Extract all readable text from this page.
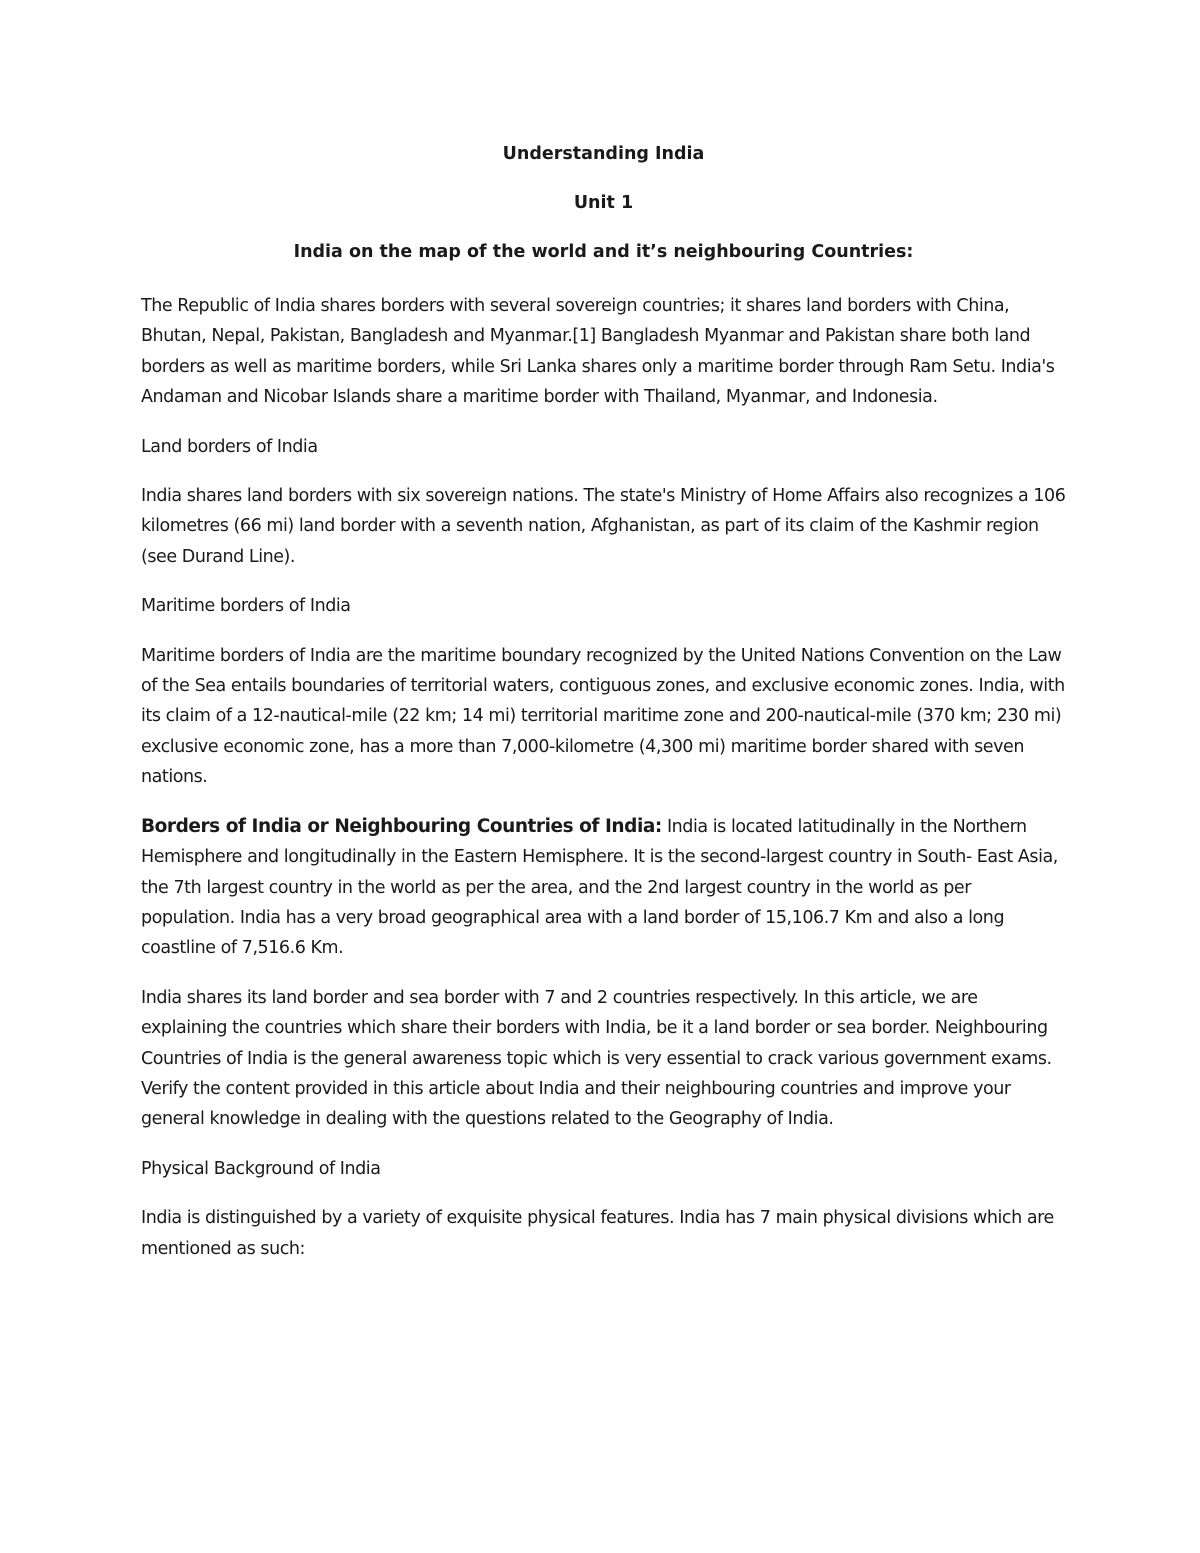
Understanding India
Unit 1
India on the map of the world and it’s neighbouring Countries:

The Republic of India shares borders with several sovereign countries; it shares land borders with China, Bhutan, Nepal, Pakistan, Bangladesh and Myanmar.[1] Bangladesh Myanmar and Pakistan share both land borders as well as maritime borders, while Sri Lanka shares only a maritime border through Ram Setu. India's Andaman and Nicobar Islands share a maritime border with Thailand, Myanmar, and Indonesia.

Land borders of India

India shares land borders with six sovereign nations. The state's Ministry of Home Affairs also recognizes a 106 kilometres (66 mi) land border with a seventh nation, Afghanistan, as part of its claim of the Kashmir region (see Durand Line).

Maritime borders of India

Maritime borders of India are the maritime boundary recognized by the United Nations Convention on the Law of the Sea entails boundaries of territorial waters, contiguous zones, and exclusive economic zones. India, with its claim of a 12-nautical-mile (22 km; 14 mi) territorial maritime zone and 200-nautical-mile (370 km; 230 mi) exclusive economic zone, has a more than 7,000-kilometre (4,300 mi) maritime border shared with seven nations.

Borders of India or Neighbouring Countries of India: India is located latitudinally in the Northern Hemisphere and longitudinally in the Eastern Hemisphere. It is the second-largest country in South- East Asia, the 7th largest country in the world as per the area, and the 2nd largest country in the world as per population. India has a very broad geographical area with a land border of 15,106.7 Km and also a long coastline of 7,516.6 Km.

India shares its land border and sea border with 7 and 2 countries respectively. In this article, we are explaining the countries which share their borders with India, be it a land border or sea border. Neighbouring Countries of India is the general awareness topic which is very essential to crack various government exams. Verify the content provided in this article about India and their neighbouring countries and improve your general knowledge in dealing with the questions related to the Geography of India.

Physical Background of India

India is distinguished by a variety of exquisite physical features. India has 7 main physical divisions which are mentioned as such:
